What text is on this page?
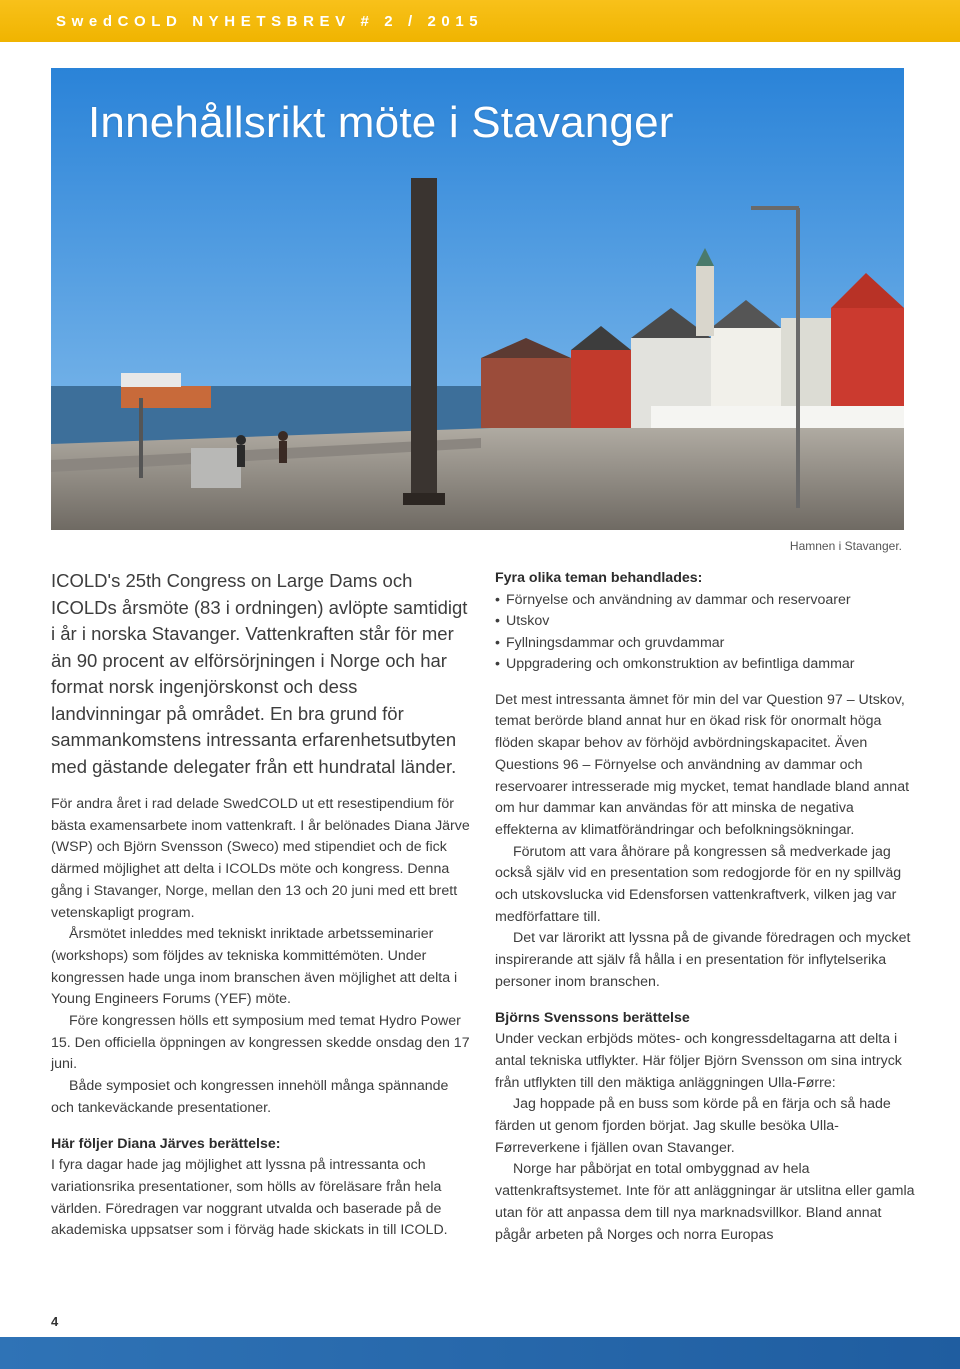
SwedCOLD NYHETSBREV # 2 / 2015
Innehållsrikt möte i Stavanger
Hamnen i Stavanger.

ICOLD's 25th Congress on Large Dams och ICOLDs årsmöte (83 i ordningen) avlöpte samtidigt i år i norska Stavanger. Vattenkraften står för mer än 90 procent av elförsörjningen i Norge och har format norsk ingenjörskonst och dess landvinningar på området. En bra grund för sammankomstens intressanta erfarenhetsutbyten med gästande delegater från ett hundratal länder.

För andra året i rad delade SwedCOLD ut ett resestipendium för bästa examensarbete inom vattenkraft. I år belönades Diana Järve (WSP) och Björn Svensson (Sweco) med stipendiet och de fick därmed möjlighet att delta i ICOLDs möte och kongress. Denna gång i Stavanger, Norge, mellan den 13 och 20 juni med ett brett vetenskapligt program.

Årsmötet inleddes med tekniskt inriktade arbetsseminarier (workshops) som följdes av tekniska kommittémöten. Under kongressen hade unga inom branschen även möjlighet att delta i Young Engineers Forums (YEF) möte.

Före kongressen hölls ett symposium med temat Hydro Power 15. Den officiella öppningen av kongressen skedde onsdag den 17 juni.

Både symposiet och kongressen innehöll många spännande och tankeväckande presentationer.

Här följer Diana Järves berättelse:

I fyra dagar hade jag möjlighet att lyssna på intressanta och variationsrika presentationer, som hölls av föreläsare från hela världen. Föredragen var noggrant utvalda och baserade på de akademiska uppsatser som i förväg hade skickats in till ICOLD.

Fyra olika teman behandlades:
• Förnyelse och användning av dammar och reservoarer
• Utskov
• Fyllningsdammar och gruvdammar
• Uppgradering och omkonstruktion av befintliga dammar

Det mest intressanta ämnet för min del var Question 97 – Utskov, temat berörde bland annat hur en ökad risk för onormalt höga flöden skapar behov av förhöjd avbördningskapacitet. Även Questions 96 – Förnyelse och användning av dammar och reservoarer intresserade mig mycket, temat handlade bland annat om hur dammar kan användas för att minska de negativa effekterna av klimatförändringar och befolkningsökningar.

Förutom att vara åhörare på kongressen så medverkade jag också själv vid en presentation som redogjorde för en ny spillväg och utskovslucka vid Edensforsen vattenkraftverk, vilken jag var medförfattare till.

Det var lärorikt att lyssna på de givande föredragen och mycket inspirerande att själv få hålla i en presentation för inflytelserika personer inom branschen.

Björns Svenssons berättelse

Under veckan erbjöds mötes- och kongressdeltagarna att delta i antal tekniska utflykter. Här följer Björn Svensson om sina intryck från utflykten till den mäktiga anläggningen Ulla-Førre:

Jag hoppade på en buss som körde på en färja och så hade färden ut genom fjorden börjat. Jag skulle besöka Ulla-Førreverkene i fjällen ovan Stavanger.

Norge har påbörjat en total ombyggnad av hela vattenkraftsystemet. Inte för att anläggningar är utslitna eller gamla utan för att anpassa dem till nya marknadsvillkor. Bland annat pågår arbeten på Norges och norra Europas

4
